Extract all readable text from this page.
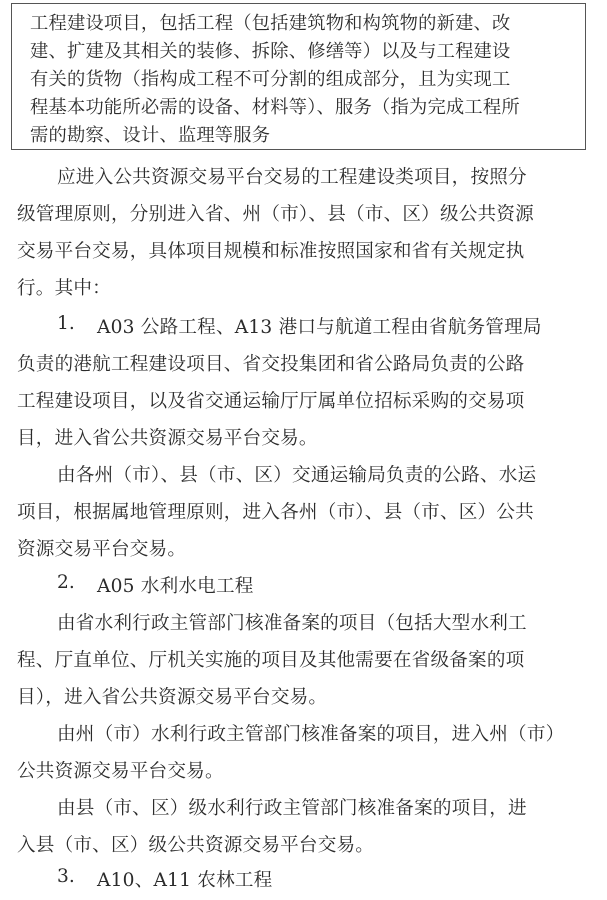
工程建设项目，包括工程（包括建筑物和构筑物的新建、改
建、扩建及其相关的装修、拆除、修缮等）以及与工程建设
有关的货物（指构成工程不可分割的组成部分，且为实现工
程基本功能所必需的设备、材料等）、服务（指为完成工程所
需的勘察、设计、监理等服务
应进入公共资源交易平台交易的工程建设类项目，按照分
级管理原则，分别进入省、州（市）、县（市、区）级公共资源
交易平台交易，具体项目规模和标准按照国家和省有关规定执
行。其中：
1. A03 公路工程、A13 港口与航道工程由省航务管理局
负责的港航工程建设项目、省交投集团和省公路局负责的公路
工程建设项目，以及省交通运输厅厅属单位招标采购的交易项
目，进入省公共资源交易平台交易。
由各州（市）、县（市、区）交通运输局负责的公路、水运
项目，根据属地管理原则，进入各州（市）、县（市、区）公共
资源交易平台交易。
2. A05 水利水电工程
由省水利行政主管部门核准备案的项目（包括大型水利工
程、厅直单位、厅机关实施的项目及其他需要在省级备案的项
目），进入省公共资源交易平台交易。
由州（市）水利行政主管部门核准备案的项目，进入州（市）
公共资源交易平台交易。
由县（市、区）级水利行政主管部门核准备案的项目，进
入县（市、区）级公共资源交易平台交易。
3. A10、A11 农林工程
